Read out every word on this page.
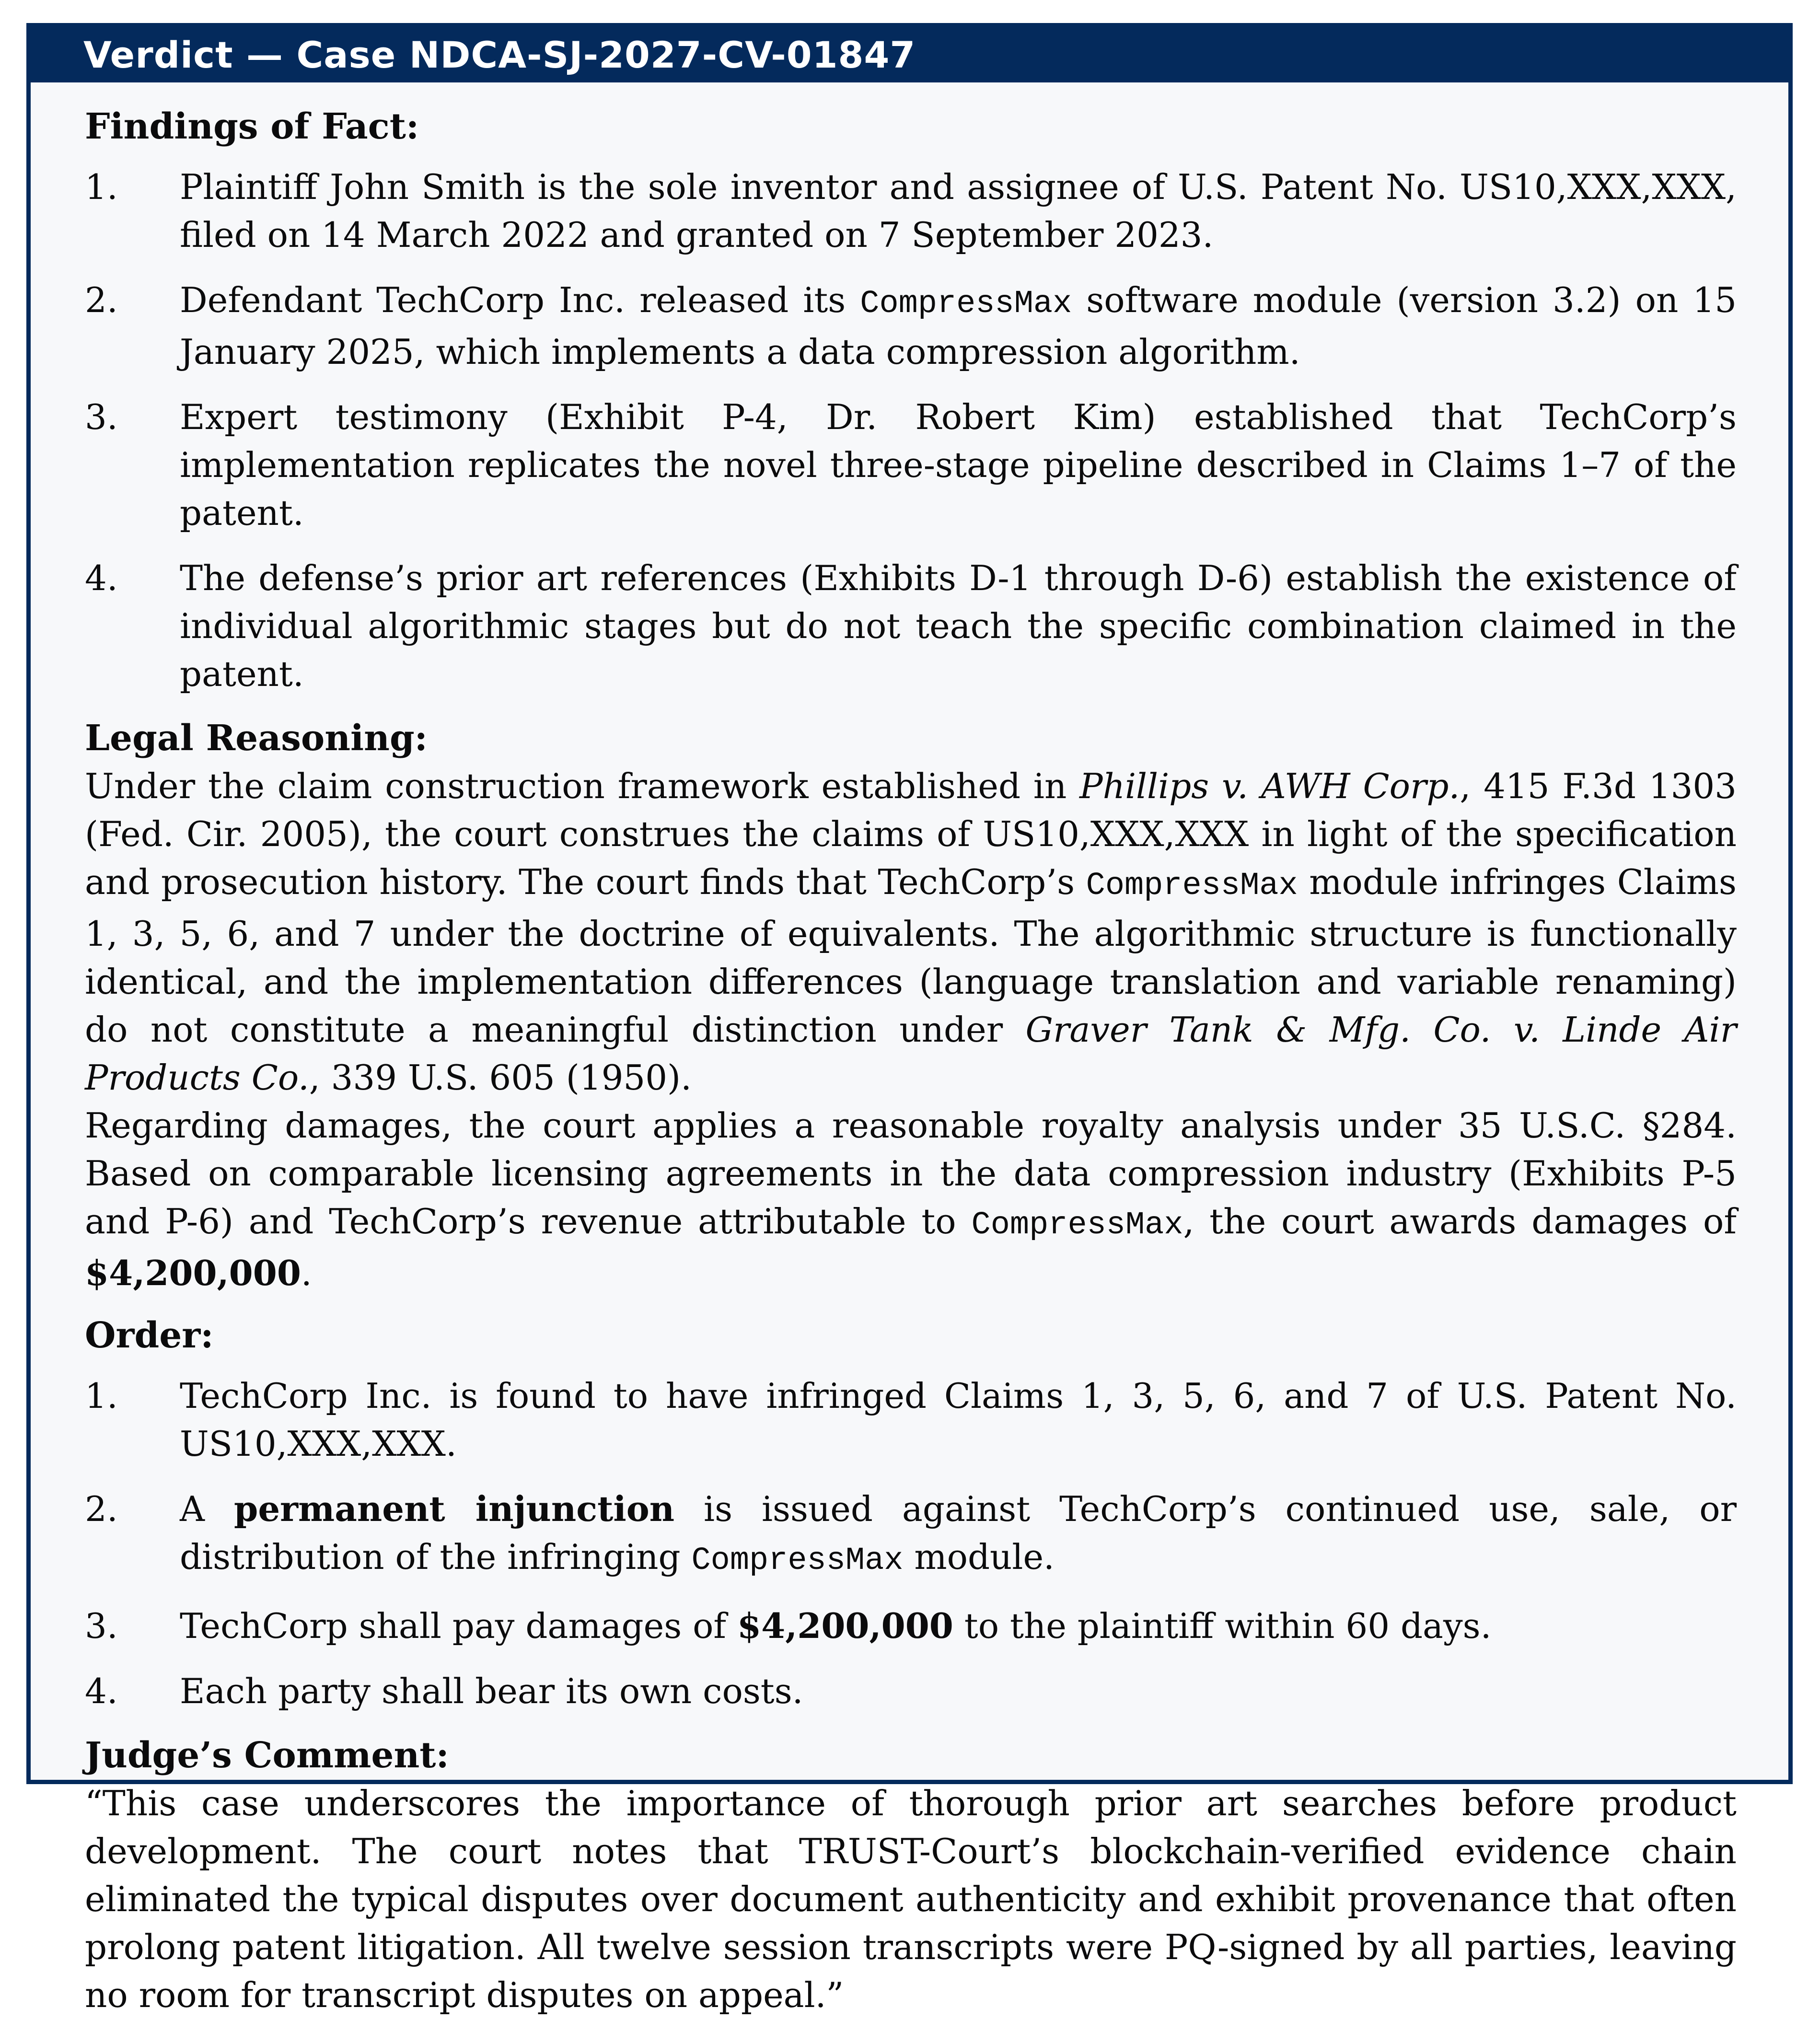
Verdict — Case NDCA-SJ-2027-CV-01847
Findings of Fact:
Plaintiff John Smith is the sole inventor and assignee of U.S. Patent No. US10,XXX,XXX, filed on 14 March 2022 and granted on 7 September 2023.
Defendant TechCorp Inc. released its CompressMax software module (version 3.2) on 15 January 2025, which implements a data compression algorithm.
Expert testimony (Exhibit P-4, Dr. Robert Kim) established that TechCorp’s implementation replicates the novel three-stage pipeline described in Claims 1–7 of the patent.
The defense’s prior art references (Exhibits D-1 through D-6) establish the existence of individual algorithmic stages but do not teach the specific combination claimed in the patent.
Legal Reasoning:

Under the claim construction framework established in Phillips v. AWH Corp., 415 F.3d 1303 (Fed. Cir. 2005), the court construes the claims of US10,XXX,XXX in light of the specification and prosecution history. The court finds that TechCorp’s CompressMax module infringes Claims 1, 3, 5, 6, and 7 under the doctrine of equivalents. The algorithmic structure is functionally identical, and the implementation differences (language translation and variable renaming) do not constitute a meaningful distinction under Graver Tank & Mfg. Co. v. Linde Air Products Co., 339 U.S. 605 (1950).

Regarding damages, the court applies a reasonable royalty analysis under 35 U.S.C. §284. Based on comparable licensing agreements in the data compression industry (Exhibits P-5 and P-6) and TechCorp’s revenue attributable to CompressMax, the court awards damages of $4,200,000.

Order:
TechCorp Inc. is found to have infringed Claims 1, 3, 5, 6, and 7 of U.S. Patent No. US10,XXX,XXX.
A permanent injunction is issued against TechCorp’s continued use, sale, or distribution of the infringing CompressMax module.
TechCorp shall pay damages of $4,200,000 to the plaintiff within 60 days.
Each party shall bear its own costs.
Judge’s Comment:

“This case underscores the importance of thorough prior art searches before product development. The court notes that TRUST-Court’s blockchain-verified evidence chain eliminated the typical disputes over document authenticity and exhibit provenance that often prolong patent litigation. All twelve session transcripts were PQ-signed by all parties, leaving no room for transcript disputes on appeal.”
